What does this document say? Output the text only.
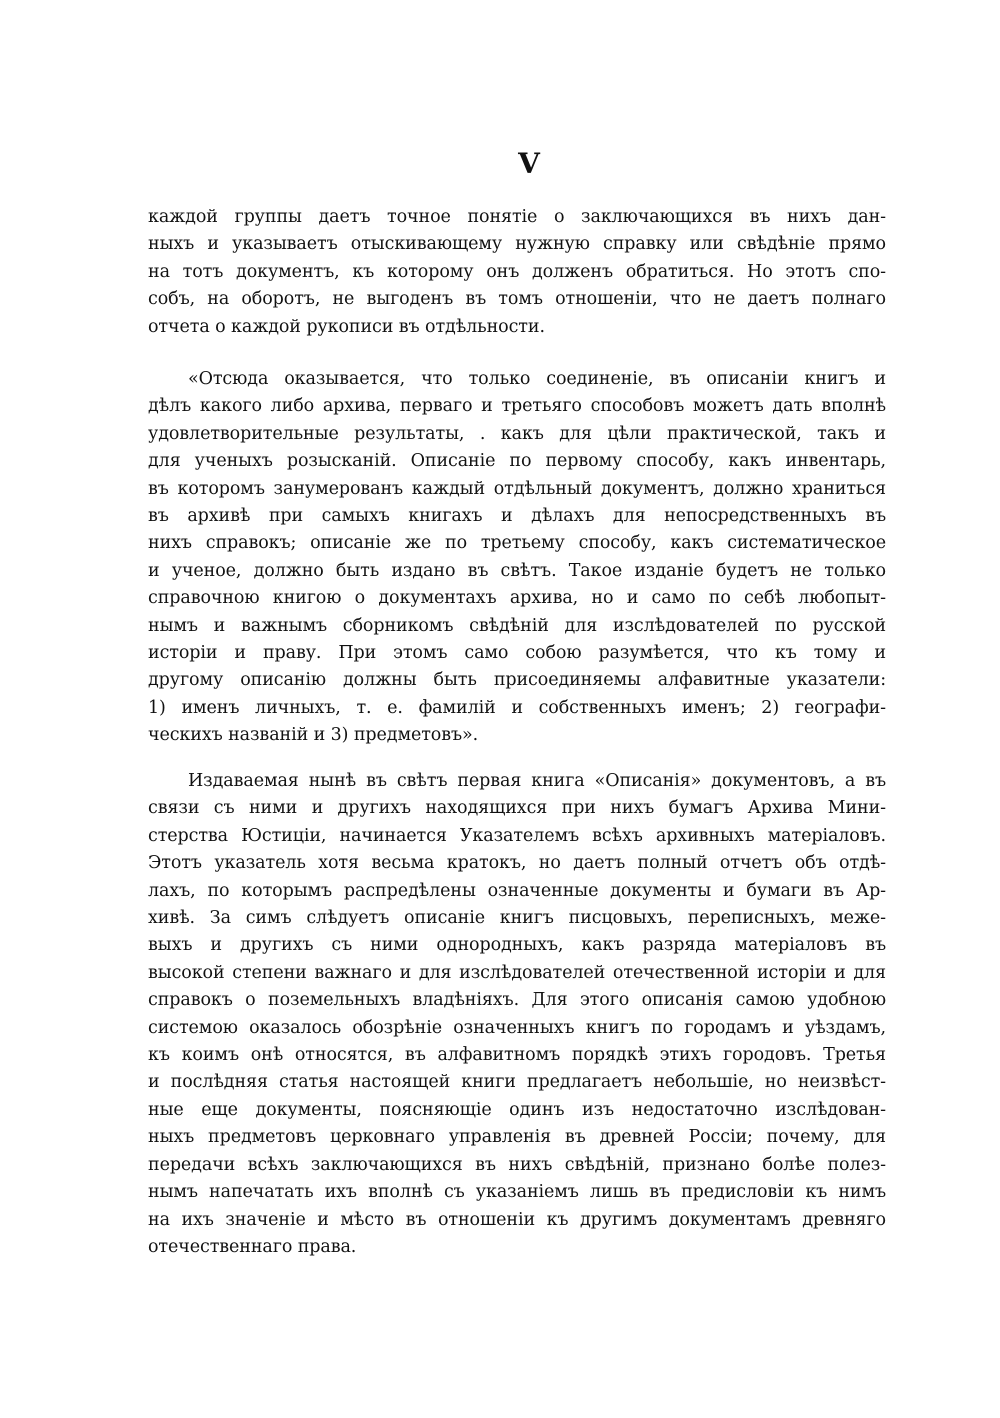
V
каждой группы даетъ точное понятіе о заключающихся въ нихъ дан-
ныхъ и указываетъ отыскивающему нужную справку или свѣдѣніе прямо
на тотъ документъ, къ которому онъ долженъ обратиться. Но этотъ спо-
собъ, на оборотъ, не выгоденъ въ томъ отношеніи, что не даетъ полнаго
отчета о каждой рукописи въ отдѣльности.
«Отсюда оказывается, что только соединеніе, въ описаніи книгъ и
дѣлъ какого либо архива, перваго и третьяго способовъ можетъ дать вполнѣ
удовлетворительные результаты, . какъ для цѣли практической, такъ и
для ученыхъ розысканій. Описаніе по первому способу, какъ инвентарь,
въ которомъ занумерованъ каждый отдѣльный документъ, должно храниться
въ архивѣ при самыхъ книгахъ и дѣлахъ для непосредственныхъ въ
нихъ справокъ; описаніе же по третьему способу, какъ систематическое
и ученое, должно быть издано въ свѣтъ. Такое изданіе будетъ не только
справочною книгою о документахъ архива, но и само по себѣ любопыт-
нымъ и важнымъ сборникомъ свѣдѣній для изслѣдователей по русской
исторіи и праву. При этомъ само собою разумѣется, что къ тому и
другому описанію должны быть присоединяемы алфавитные указатели:
1) именъ личныхъ, т. е. фамилій и собственныхъ именъ; 2) географи-
ческихъ названій и 3) предметовъ».
Издаваемая нынѣ въ свѣтъ первая книга «Описанія» документовъ, а въ
связи съ ними и другихъ находящихся при нихъ бумагъ Архива Мини-
стерства Юстиціи, начинается Указателемъ всѣхъ архивныхъ матеріаловъ.
Этотъ указатель хотя весьма кратокъ, но даетъ полный отчетъ объ отдѣ-
лахъ, по которымъ распредѣлены означенные документы и бумаги въ Ар-
хивѣ. За симъ слѣдуетъ описаніе книгъ писцовыхъ, переписныхъ, меже-
выхъ и другихъ съ ними однородныхъ, какъ разряда матеріаловъ въ
высокой степени важнаго и для изслѣдователей отечественной исторіи и для
справокъ о поземельныхъ владѣніяхъ. Для этого описанія самою удобною
системою оказалось обозрѣніе означенныхъ книгъ по городамъ и уѣздамъ,
къ коимъ онѣ относятся, въ алфавитномъ порядкѣ этихъ городовъ. Третья
и послѣдняя статья настоящей книги предлагаетъ небольшіе, но неизвѣст-
ные еще документы, поясняющіе одинъ изъ недостаточно изслѣдован-
ныхъ предметовъ церковнаго управленія въ древней Россіи; почему, для
передачи всѣхъ заключающихся въ нихъ свѣдѣній, признано болѣе полез-
нымъ напечатать ихъ вполнѣ съ указаніемъ лишь въ предисловіи къ нимъ
на ихъ значеніе и мѣсто въ отношеніи къ другимъ документамъ древняго
отечественнаго права.
